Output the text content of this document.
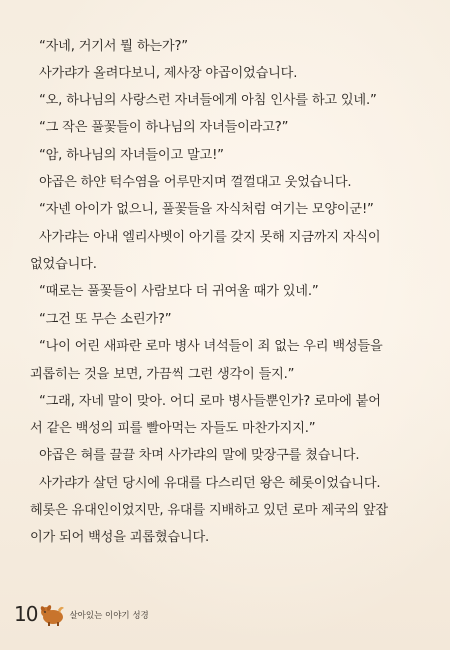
“자네, 거기서 뭘 하는가?”

사가랴가 올려다보니, 제사장 야곱이었습니다.

“오, 하나님의 사랑스런 자녀들에게 아침 인사를 하고 있네.”

“그 작은 풀꽃들이 하나님의 자녀들이라고?”

“암, 하나님의 자녀들이고 말고!”

야곱은 하얀 턱수염을 어루만지며 껄껄대고 웃었습니다.

“자넨 아이가 없으니, 풀꽃들을 자식처럼 여기는 모양이군!”

사가랴는 아내 엘리사벳이 아기를 갖지 못해 지금까지 자식이

없었습니다.

“때로는 풀꽃들이 사람보다 더 귀여울 때가 있네.”

“그건 또 무슨 소린가?”

“나이 어린 새파란 로마 병사 녀석들이 죄 없는 우리 백성들을

괴롭히는 것을 보면, 가끔씩 그런 생각이 들지.”

“그래, 자네 말이 맞아. 어디 로마 병사들뿐인가? 로마에 붙어

서 같은 백성의 피를 빨아먹는 자들도 마찬가지지.”

야곱은 혀를 끌끌 차며 사가랴의 말에 맞장구를 쳤습니다.

사가랴가 살던 당시에 유대를 다스리던 왕은 헤롯이었습니다.

헤롯은 유대인이었지만, 유대를 지배하고 있던 로마 제국의 앞잡

이가 되어 백성을 괴롭혔습니다.

10	살아있는 이야기 성경
